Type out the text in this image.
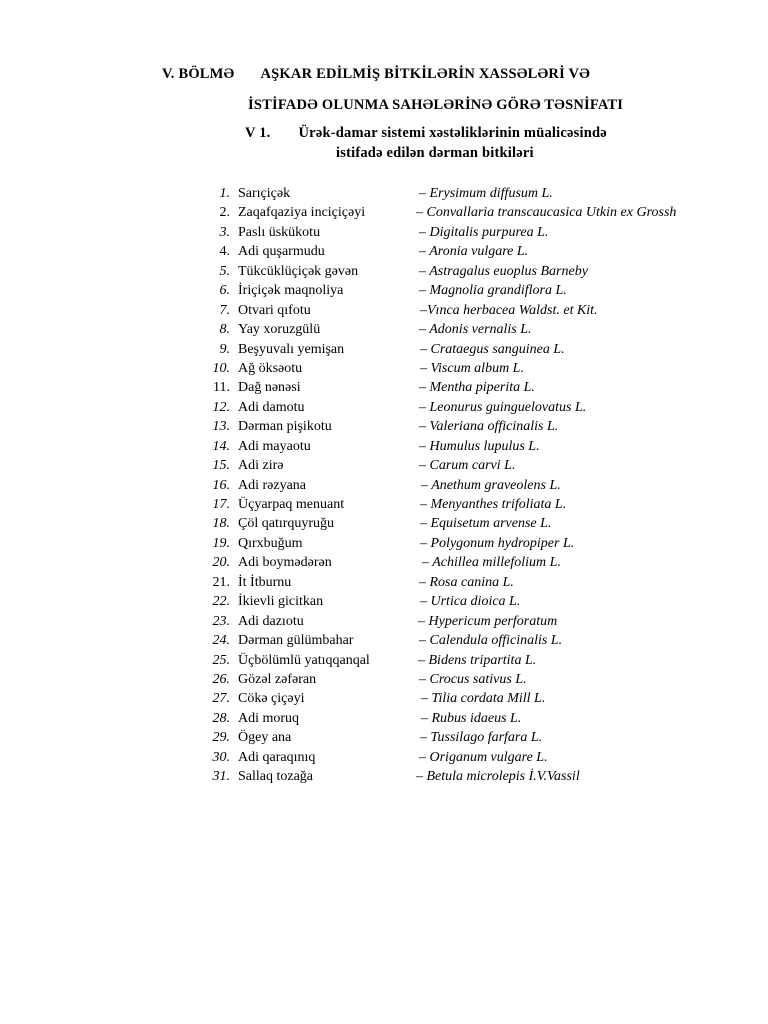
V. BÖLMƏ AŞKAR EDİLMİŞ BİTKİLƏRİN XASSƏLƏRİ VƏ
İSTİFADƏ OLUNMA SAHƏLƏRİNƏ GÖRƏ TƏSNİFATI
V 1. Ürək-damar sistemi xəstəliklərinin müalicəsində
istifadə edilən dərman bitkiləri
1. Sarıçiçək	– Erysimum diffusum L.
2. Zaqafqaziya inciçiçəyi	– Convallaria transcaucasica Utkin ex Grossh
3. Paslı üskükotu	– Digitalis purpurea L.
4. Adi quşarmudu	– Aronia vulgare L.
5. Tükcüklüçiçək gəvən	– Astragalus euoplus Barneby
6. İriçiçək maqnoliya	– Magnolia grandiflora L.
7. Otvari qıfotu	–Vınca herbacea Waldst. et Kit.
8. Yay xoruzgülü	– Adonis vernalis L.
9. Beşyuvalı yemişan	– Crataegus sanguinea L.
10. Ağ öksəotu	– Viscum album L.
11. Dağ nənəsi	– Mentha piperita L.
12. Adi damotu	– Leonurus guinguelovatus L.
13. Dərman pişikotu	– Valeriana officinalis L.
14. Adi mayaotu	– Humulus lupulus L.
15. Adi zirə	– Carum carvi L.
16. Adi rəzyana	– Anethum graveolens L.
17. Üçyarpaq menuant	– Menyanthes trifoliata L.
18. Çöl qatırquyruğu	– Equisetum arvense L.
19. Qırxbuğum	– Polygonum hydropiper L.
20. Adi boymədərən	– Achillea millefolium L.
21. İt İtburnu	– Rosa canina L.
22. İkievli gicitkan	– Urtica dioica L.
23. Adi dazıotu	– Hypericum perforatum
24. Dərman gülümbahar	– Calendula officinalis L.
25. Üçbölümlü yatıqqanqal	– Bidens tripartita L.
26. Gözəl zəfəran	– Crocus sativus L.
27. Cökə çiçəyi	– Tilia cordata Mill L.
28. Adi moruq	– Rubus idaeus L.
29. Ögey ana	– Tussilago farfara L.
30. Adi qaraqınıq	– Origanum vulgare L.
31. Sallaq tozağa	– Betula microlepis İ.V.Vassil
